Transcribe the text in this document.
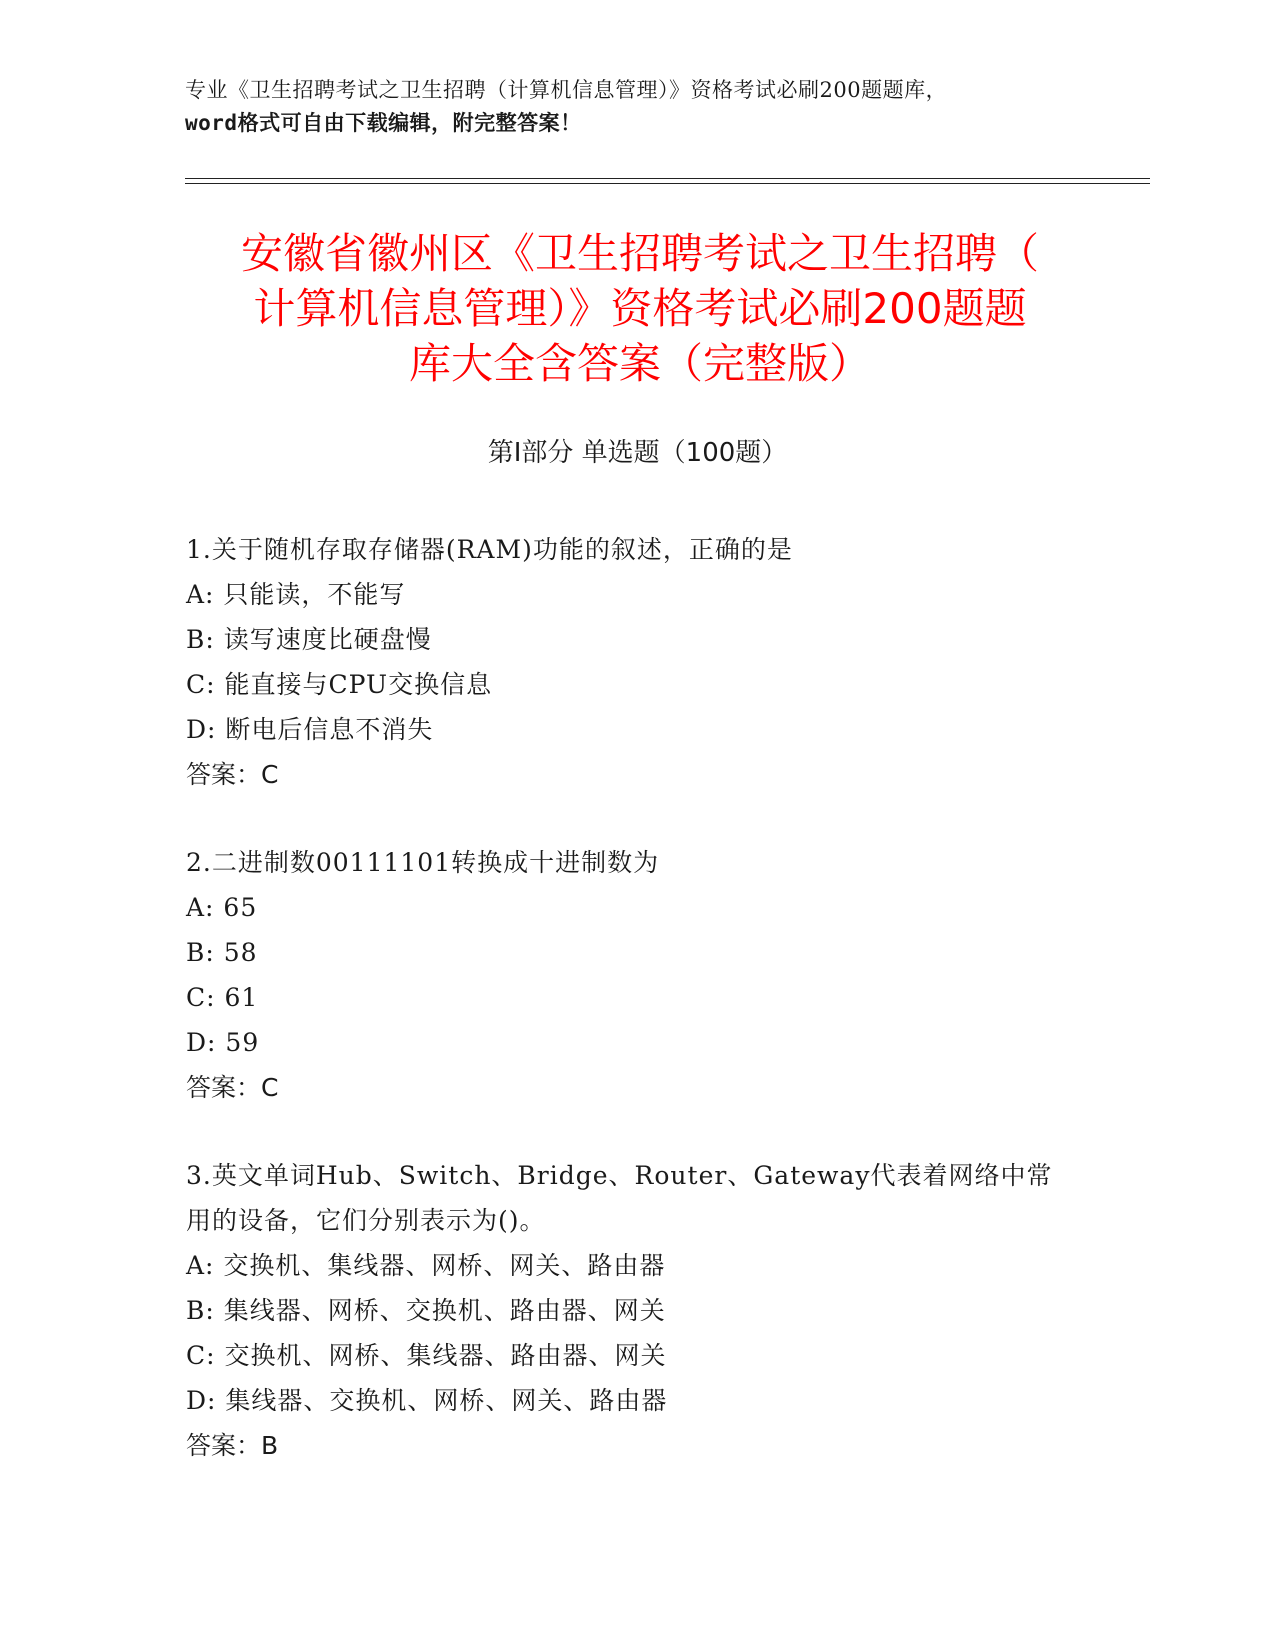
专业《卫生招聘考试之卫生招聘（计算机信息管理）》资格考试必刷200题题库，
word格式可自由下载编辑，附完整答案！
安徽省徽州区《卫生招聘考试之卫生招聘（
计算机信息管理）》资格考试必刷200题题
库大全含答案（完整版）
第Ⅰ部分 单选题（100题）
1.关于随机存取存储器(RAM)功能的叙述，正确的是
A: 只能读，不能写
B: 读写速度比硬盘慢
C: 能直接与CPU交换信息
D: 断电后信息不消失
答案：C
2.二进制数00111101转换成十进制数为
A: 65
B: 58
C: 61
D: 59
答案：C
3.英文单词Hub、Switch、Bridge、Router、Gateway代表着网络中常
用的设备，它们分别表示为()。
A: 交换机、集线器、网桥、网关、路由器
B: 集线器、网桥、交换机、路由器、网关
C: 交换机、网桥、集线器、路由器、网关
D: 集线器、交换机、网桥、网关、路由器
答案：B
